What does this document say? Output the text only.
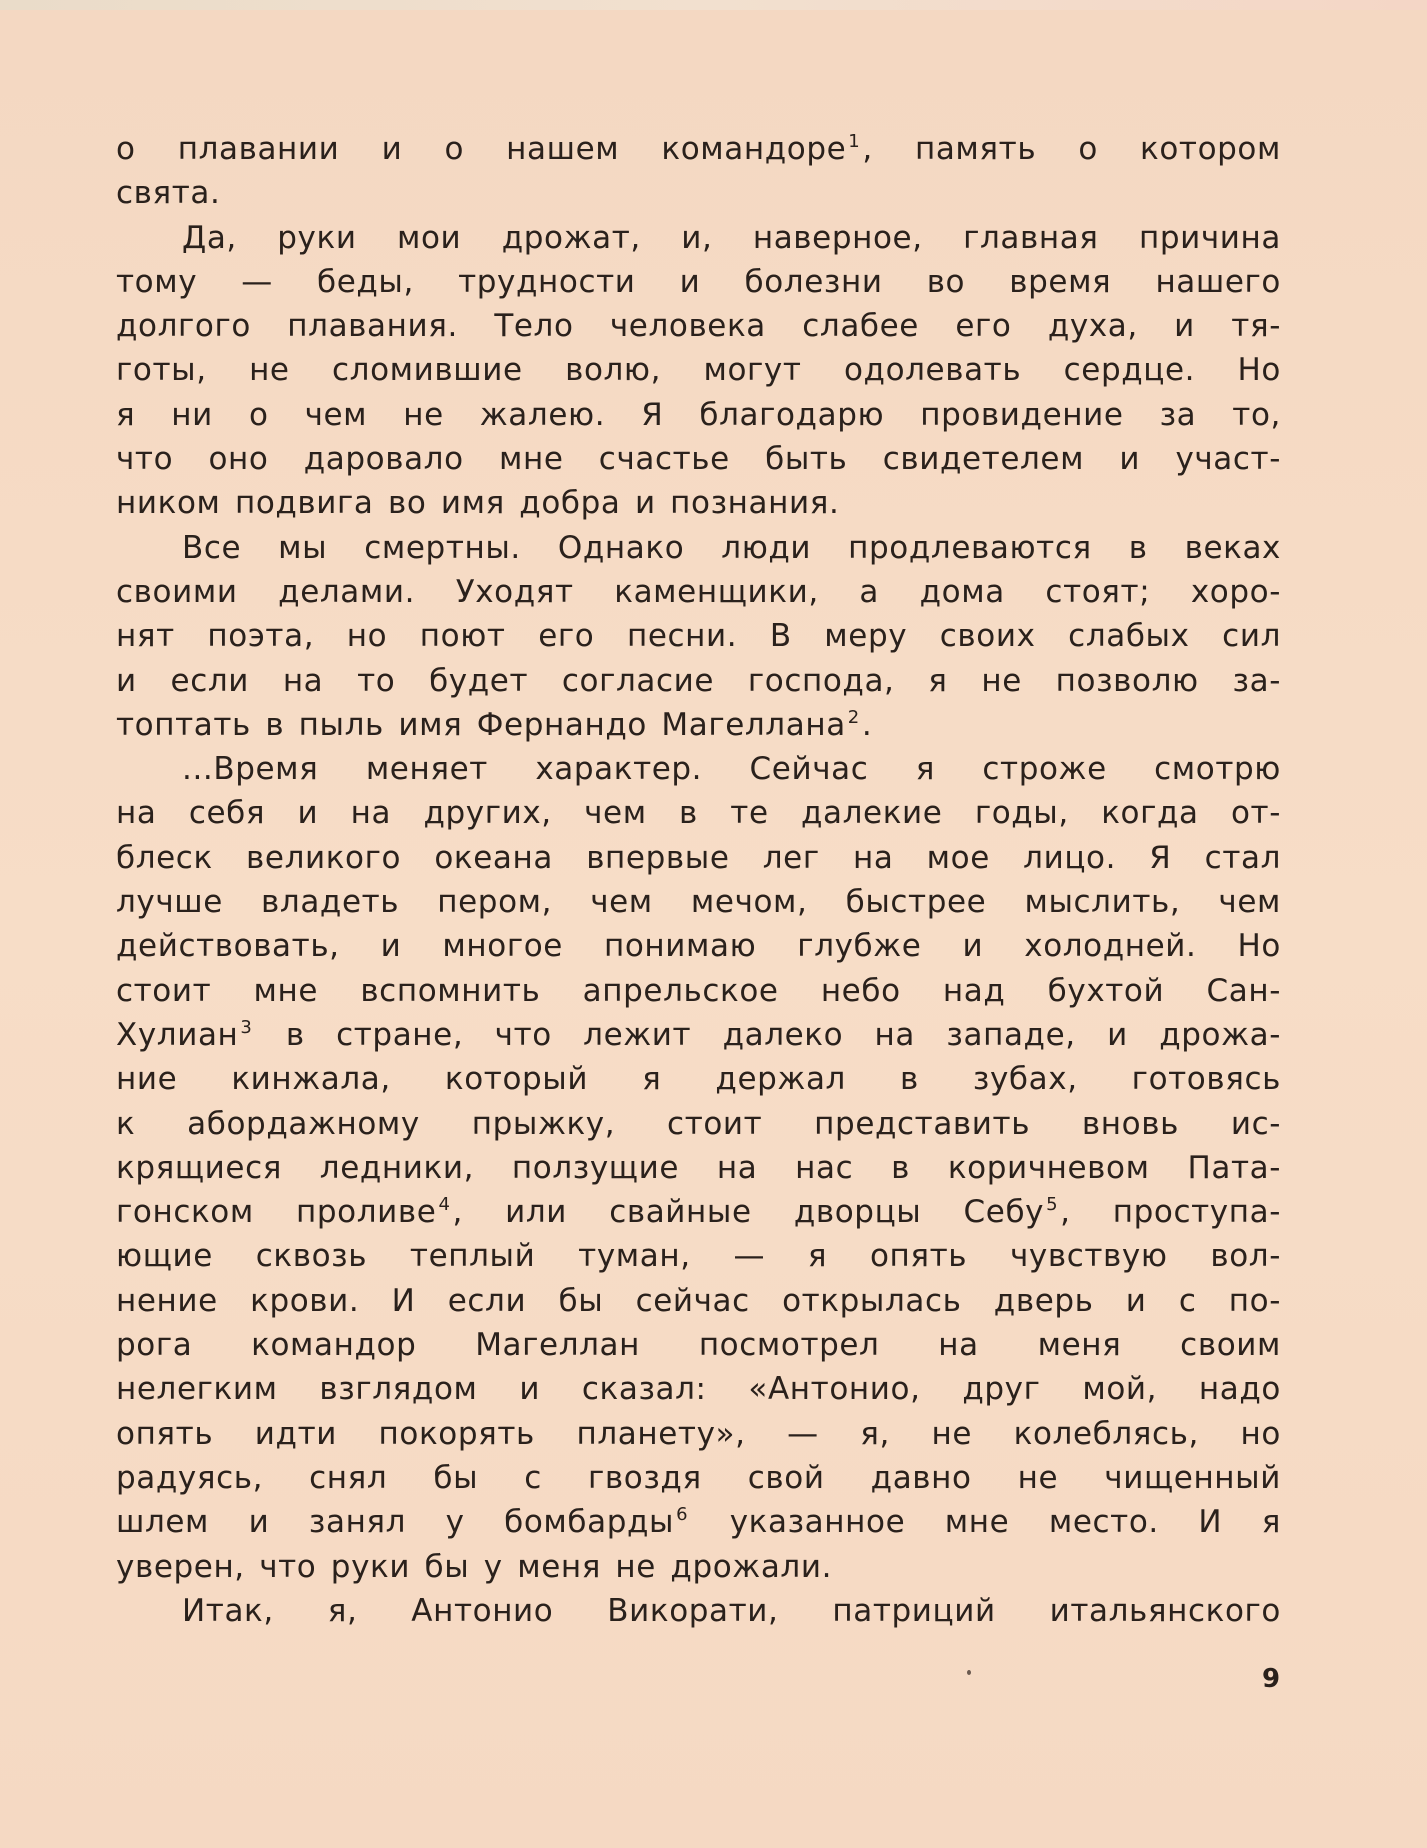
о плавании и о нашем командоре $^1$, память о котором
свята.
Да, руки мои дрожат, и, наверное, главная причина
тому — беды, трудности и болезни во время нашего
долгого плавания. Тело человека слабее его духа, и тя-
готы, не сломившие волю, могут одолевать сердце. Но
я ни о чем не жалею. Я благодарю провидение за то,
что оно даровало мне счастье быть свидетелем и участ-
ником подвига во имя добра и познания.
Все мы смертны. Однако люди продлеваются в веках
своими делами. Уходят каменщики, а дома стоят; хоро-
нят поэта, но поют его песни. В меру своих слабых сил
и если на то будет согласие господа, я не позволю за-
топтать в пыль имя Фернандо Магеллана $^2$.
...Время меняет характер. Сейчас я строже смотрю
на себя и на других, чем в те далекие годы, когда от-
блеск великого океана впервые лег на мое лицо. Я стал
лучше владеть пером, чем мечом, быстрее мыслить, чем
действовать, и многое понимаю глубже и холодней. Но
стоит мне вспомнить апрельское небо над бухтой Сан-
Хулиан $^3$ в стране, что лежит далеко на западе, и дрожа-
ние кинжала, который я держал в зубах, готовясь
к абордажному прыжку, стоит представить вновь ис-
крящиеся ледники, ползущие на нас в коричневом Пата-
гонском проливе $^4$, или свайные дворцы Себу $^5$, проступа-
ющие сквозь теплый туман, — я опять чувствую вол-
нение крови. И если бы сейчас открылась дверь и с по-
рога командор Магеллан посмотрел на меня своим
нелегким взглядом и сказал: «Антонио, друг мой, надо
опять идти покорять планету», — я, не колеблясь, но
радуясь, снял бы с гвоздя свой давно не чищенный
шлем и занял у бомбарды $^6$ указанное мне место. И я
уверен, что руки бы у меня не дрожали.
Итак, я, Антонио Викорати, патриций итальянского
9
